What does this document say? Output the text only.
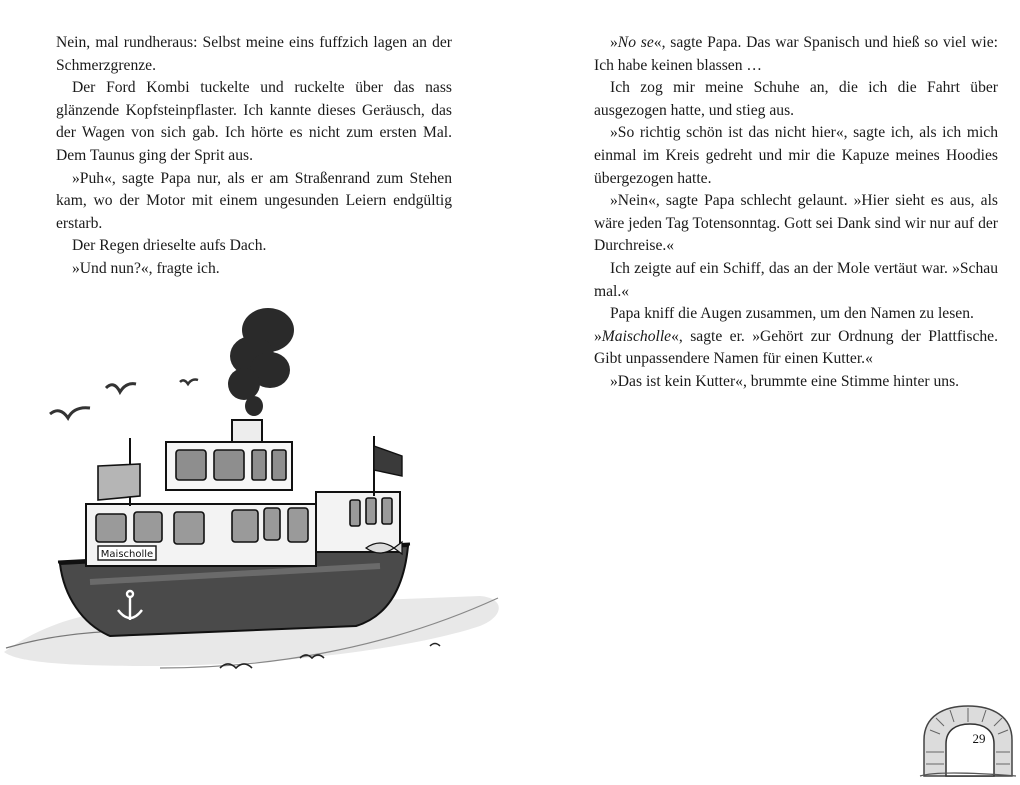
Nein, mal rundheraus: Selbst meine eins fuffzich lagen an der Schmerzgrenze.

Der Ford Kombi tuckelte und ruckelte über das nass glänzende Kopfsteinpflaster. Ich kannte dieses Geräusch, das der Wagen von sich gab. Ich hörte es nicht zum ersten Mal. Dem Taunus ging der Sprit aus.

»Puh«, sagte Papa nur, als er am Straßenrand zum Stehen kam, wo der Motor mit einem ungesunden Leiern endgültig erstarb.

Der Regen drieselte aufs Dach.

»Und nun?«, fragte ich.

Maischolle

»No se«, sagte Papa. Das war Spanisch und hieß so viel wie: Ich habe keinen blassen …

Ich zog mir meine Schuhe an, die ich die Fahrt über ausgezogen hatte, und stieg aus.

»So richtig schön ist das nicht hier«, sagte ich, als ich mich einmal im Kreis gedreht und mir die Kapuze meines Hoodies übergezogen hatte.

»Nein«, sagte Papa schlecht gelaunt. »Hier sieht es aus, als wäre jeden Tag Totensonntag. Gott sei Dank sind wir nur auf der Durchreise.«

Ich zeigte auf ein Schiff, das an der Mole vertäut war. »Schau mal.«

Papa kniff die Augen zusammen, um den Namen zu lesen.

»Maischolle«, sagte er. »Gehört zur Ordnung der Plattfische. Gibt unpassendere Namen für einen Kutter.«

»Das ist kein Kutter«, brummte eine Stimme hinter uns.

29
